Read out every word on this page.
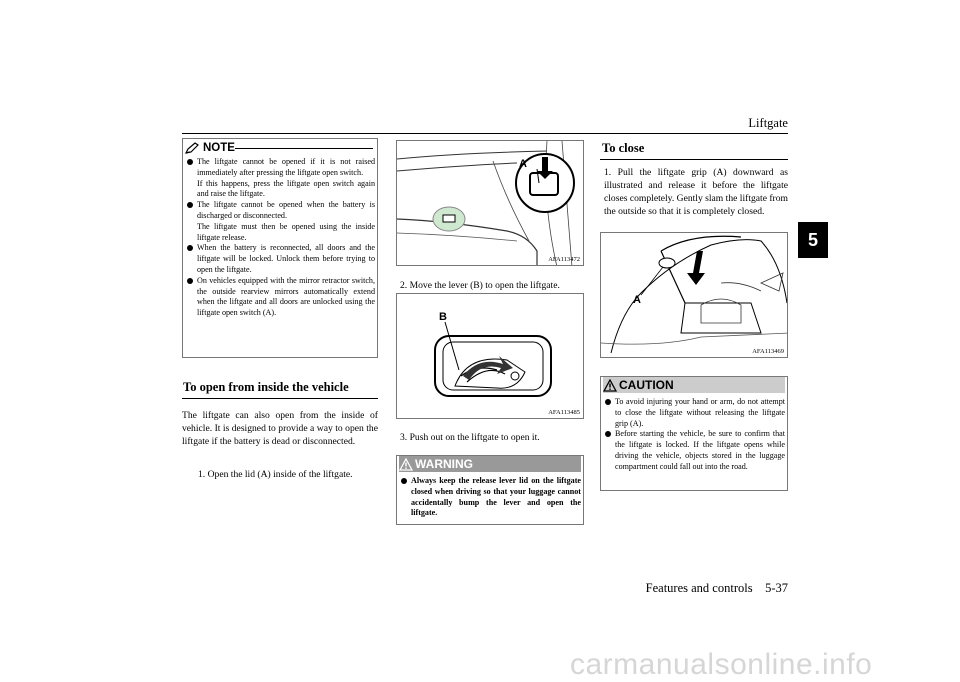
Liftgate
5
NOTE
The liftgate cannot be opened if it is not raised immediately after pressing the liftgate open switch.
If this happens, press the liftgate open switch again and raise the liftgate.
The liftgate cannot be opened when the battery is discharged or disconnected.
The liftgate must then be opened using the inside liftgate release.
When the battery is reconnected, all doors and the liftgate will be locked. Unlock them before trying to open the liftgate.
On vehicles equipped with the mirror retractor switch, the outside rearview mirrors automatically extend when the liftgate and all doors are unlocked using the liftgate open switch (A).
To open from inside the vehicle
The liftgate can also open from the inside of vehicle. It is designed to provide a way to open the liftgate if the battery is dead or disconnected.
1. Open the lid (A) inside of the liftgate.
A
AFA113472
2. Move the lever (B) to open the liftgate.
B
AFA113485
3. Push out on the liftgate to open it.
WARNING
Always keep the release lever lid on the liftgate closed when driving so that your luggage cannot accidentally bump the lever and open the liftgate.
To close
1. Pull the liftgate grip (A) downward as illustrated and release it before the liftgate closes completely. Gently slam the liftgate from the outside so that it is completely closed.
A
AFA113469
CAUTION
To avoid injuring your hand or arm, do not attempt to close the liftgate without releasing the liftgate grip (A).
Before starting the vehicle, be sure to confirm that the liftgate is locked. If the liftgate opens while driving the vehicle, objects stored in the luggage compartment could fall out into the road.
Features and controls 5-37
carmanualsonline.info
